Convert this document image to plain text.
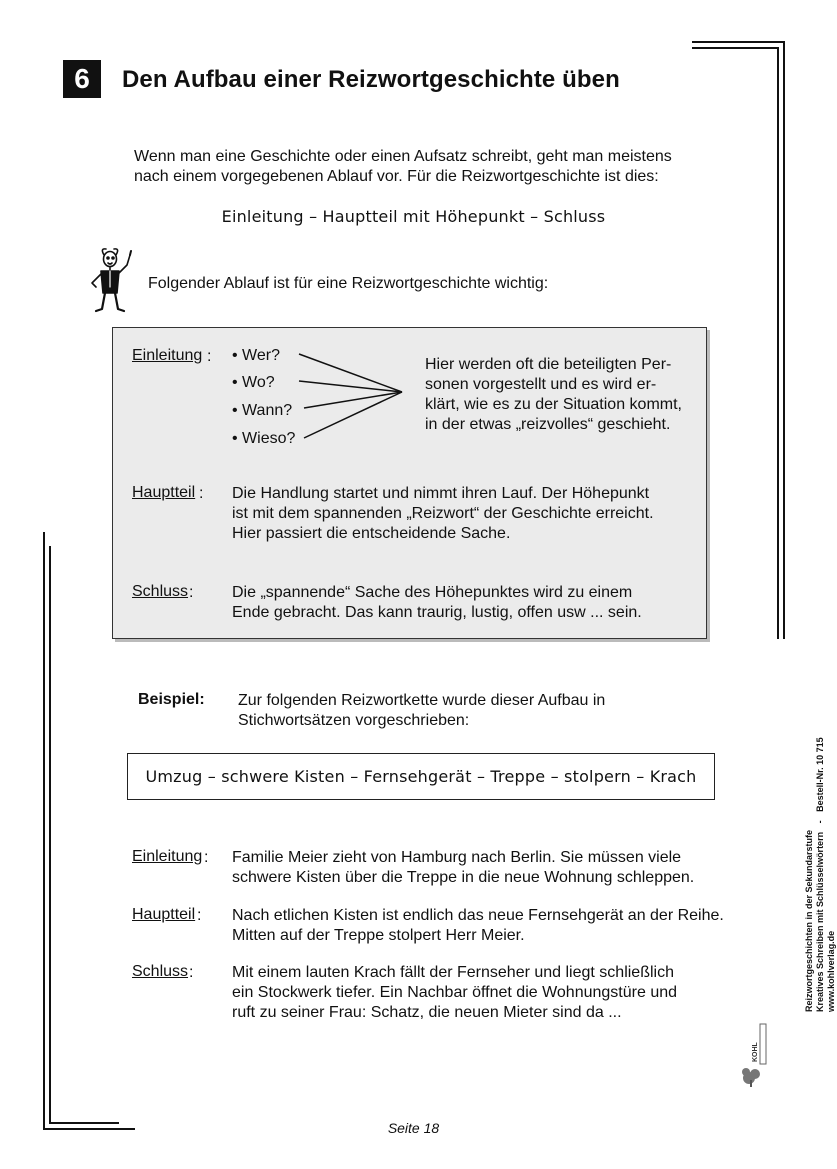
6	Den Aufbau einer Reizwortgeschichte üben
Wenn man eine Geschichte oder einen Aufsatz schreibt, geht man meistens
nach einem vorgegebenen Ablauf vor. Für die Reizwortgeschichte ist dies:
Einleitung – Hauptteil mit Höhepunkt – Schluss
Folgender Ablauf ist für eine Reizwortgeschichte wichtig:
Einleitung : • Wer?
• Wo?
• Wann?
• Wieso?
Hier werden oft die beteiligten Per-
sonen vorgestellt und es wird er-
klärt, wie es zu der Situation kommt,
in der etwas „reizvolles“ geschieht.
Hauptteil : Die Handlung startet und nimmt ihren Lauf. Der Höhepunkt
ist mit dem spannenden „Reizwort“ der Geschichte erreicht.
Hier passiert die entscheidende Sache.
Schluss : Die „spannende“ Sache des Höhepunktes wird zu einem
Ende gebracht. Das kann traurig, lustig, offen usw ... sein.
Beispiel: Zur folgenden Reizwortkette wurde dieser Aufbau in
Stichwortsätzen vorgeschrieben:
Umzug – schwere Kisten – Fernsehgerät – Treppe – stolpern – Krach
Einleitung : Familie Meier zieht von Hamburg nach Berlin. Sie müssen viele
schwere Kisten über die Treppe in die neue Wohnung schleppen.
Hauptteil : Nach etlichen Kisten ist endlich das neue Fernsehgerät an der Reihe.
Mitten auf der Treppe stolpert Herr Meier.
Schluss : Mit einem lauten Krach fällt der Fernseher und liegt schließlich
ein Stockwerk tiefer. Ein Nachbar öffnet die Wohnungstüre und
ruft zu seiner Frau: Schatz, die neuen Mieter sind da ...
Reizwortgeschichten in der Sekundarstufe Kreatives Schreiben mit Schlüsselwörtern - Bestell-Nr. 10 715
www.kohlverlag.de
KOHL
Seite 18
